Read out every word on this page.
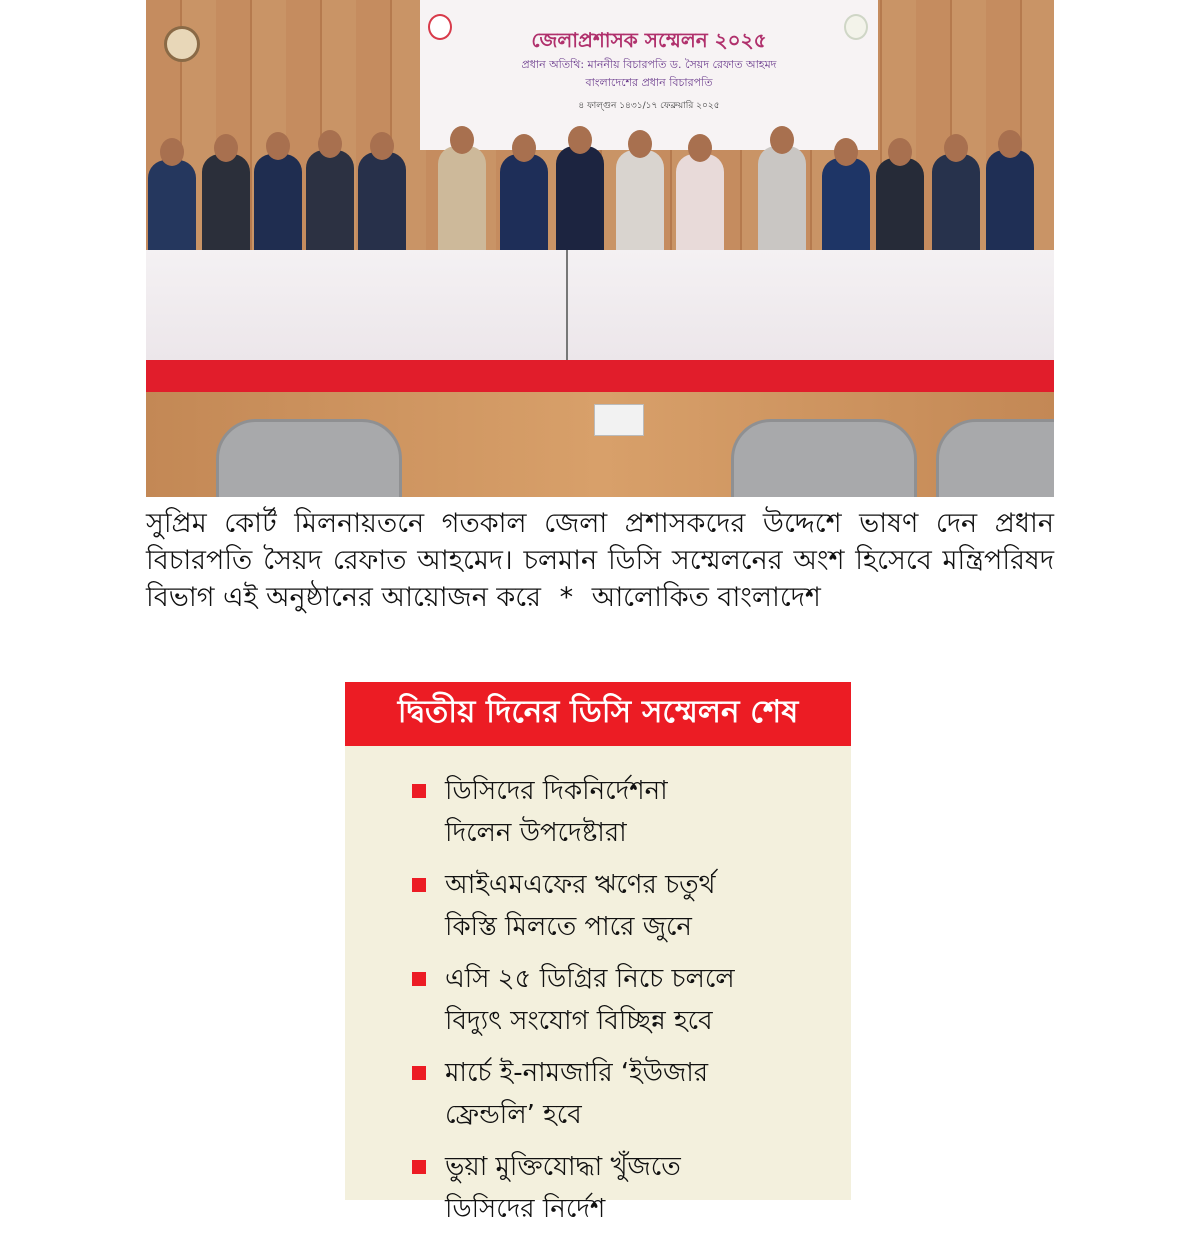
জেলাপ্রশাসক সম্মেলন ২০২৫
প্রধান অতিথি: মাননীয় বিচারপতি ড. সৈয়দ রেফাত আহমদ
বাংলাদেশের প্রধান বিচারপতি
৪ ফাল্গুন ১৪৩১/১৭ ফেব্রুয়ারি ২০২৫
সুপ্রিম কোর্ট মিলনায়তনে গতকাল জেলা প্রশাসকদের উদ্দেশে ভাষণ দেন প্রধান বিচারপতি সৈয়দ রেফাত আহমেদ। চলমান ডিসি সম্মেলনের অংশ হিসেবে মন্ত্রিপরিষদ বিভাগ এই অনুষ্ঠানের আয়োজন করে * আলোকিত বাংলাদেশ
দ্বিতীয় দিনের ডিসি সম্মেলন শেষ
ডিসিদের দিকনির্দেশনা
দিলেন উপদেষ্টারা
আইএমএফের ঋণের চতুর্থ
কিস্তি মিলতে পারে জুনে
এসি ২৫ ডিগ্রির নিচে চললে
বিদ্যুৎ সংযোগ বিচ্ছিন্ন হবে
মার্চে ই-নামজারি ‘ইউজার
ফ্রেন্ডলি’ হবে
ভুয়া মুক্তিযোদ্ধা খুঁজতে
ডিসিদের নির্দেশ
